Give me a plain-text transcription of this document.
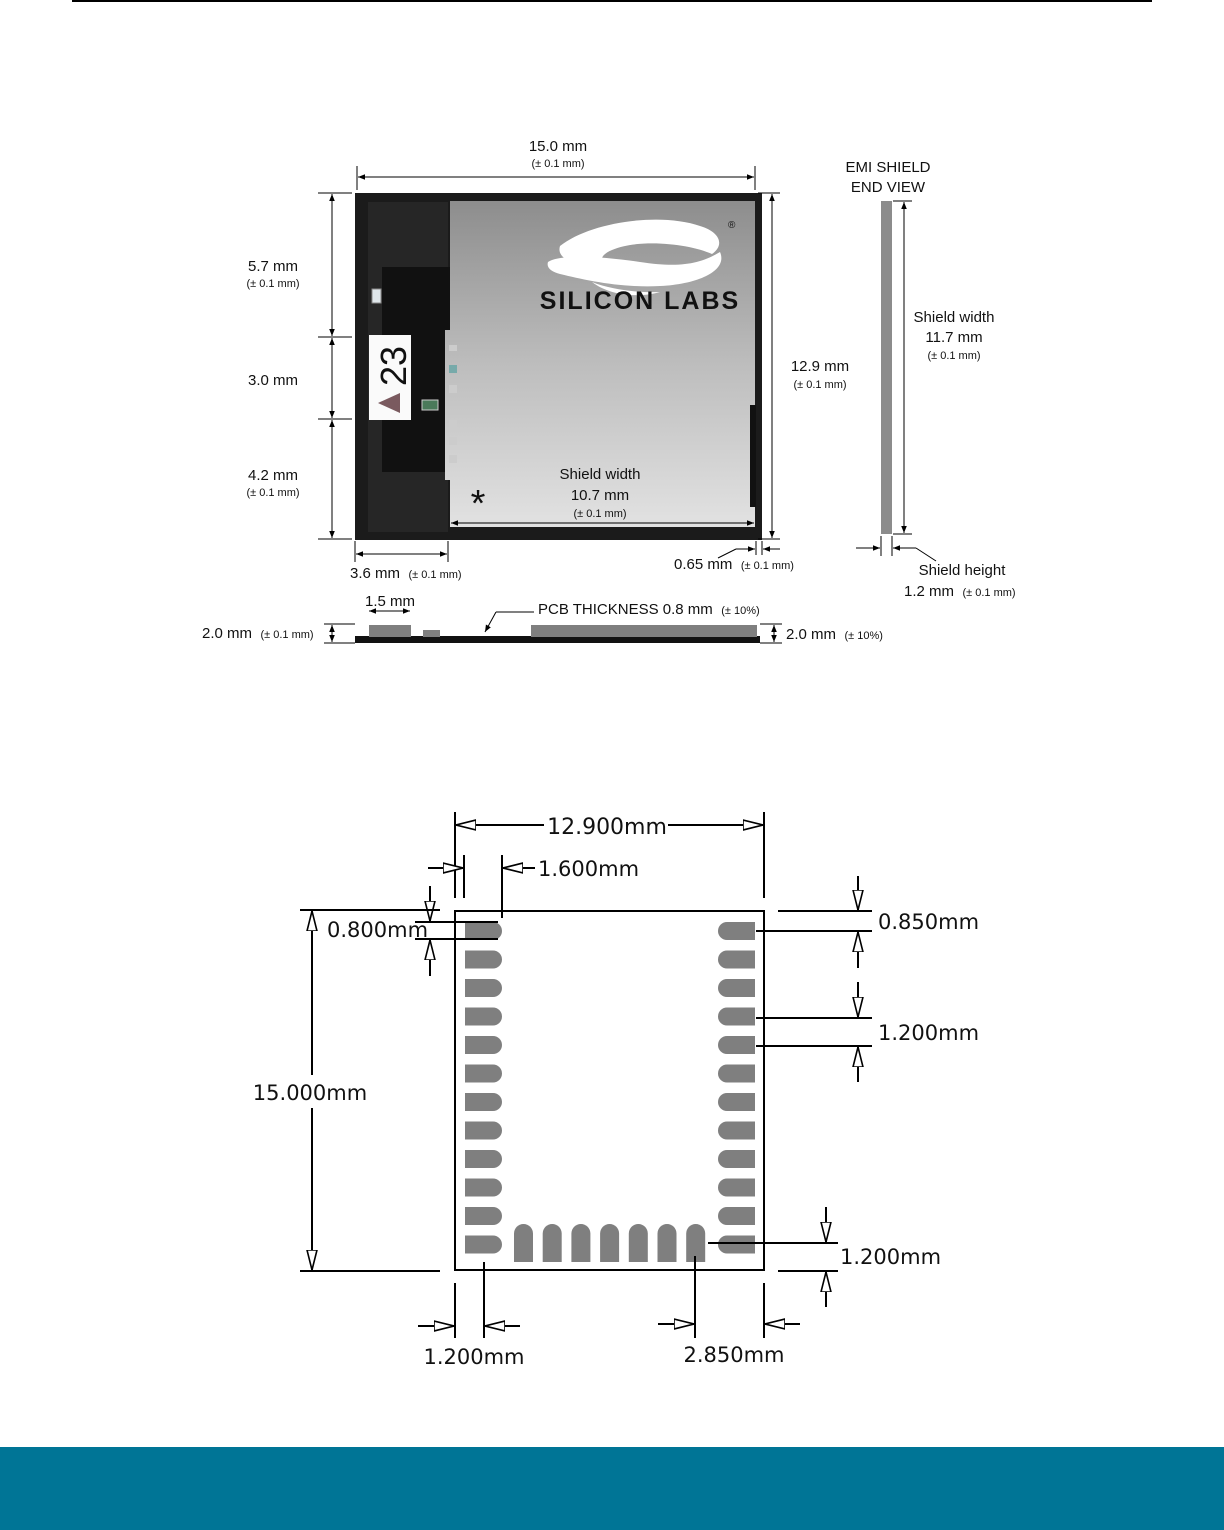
23
SILICON LABS
®
*
15.0 mm
(± 0.1 mm)
5.7 mm
(± 0.1 mm)
3.0 mm
4.2 mm
(± 0.1 mm)
12.9 mm
(± 0.1 mm)
Shield width
10.7 mm
(± 0.1 mm)
3.6 mm (± 0.1 mm)
0.65 mm (± 0.1 mm)
EMI SHIELD
END VIEW
Shield width
11.7 mm
(± 0.1 mm)
Shield height
1.2 mm (± 0.1 mm)
1.5 mm	PCB THICKNESS 0.8 mm (± 10%)
2.0 mm (± 0.1 mm)	2.0 mm (± 10%)
12.900mm
1.600mm
0.800mm
15.000mm
0.850mm
1.200mm
1.200mm
1.200mm	2.850mm
